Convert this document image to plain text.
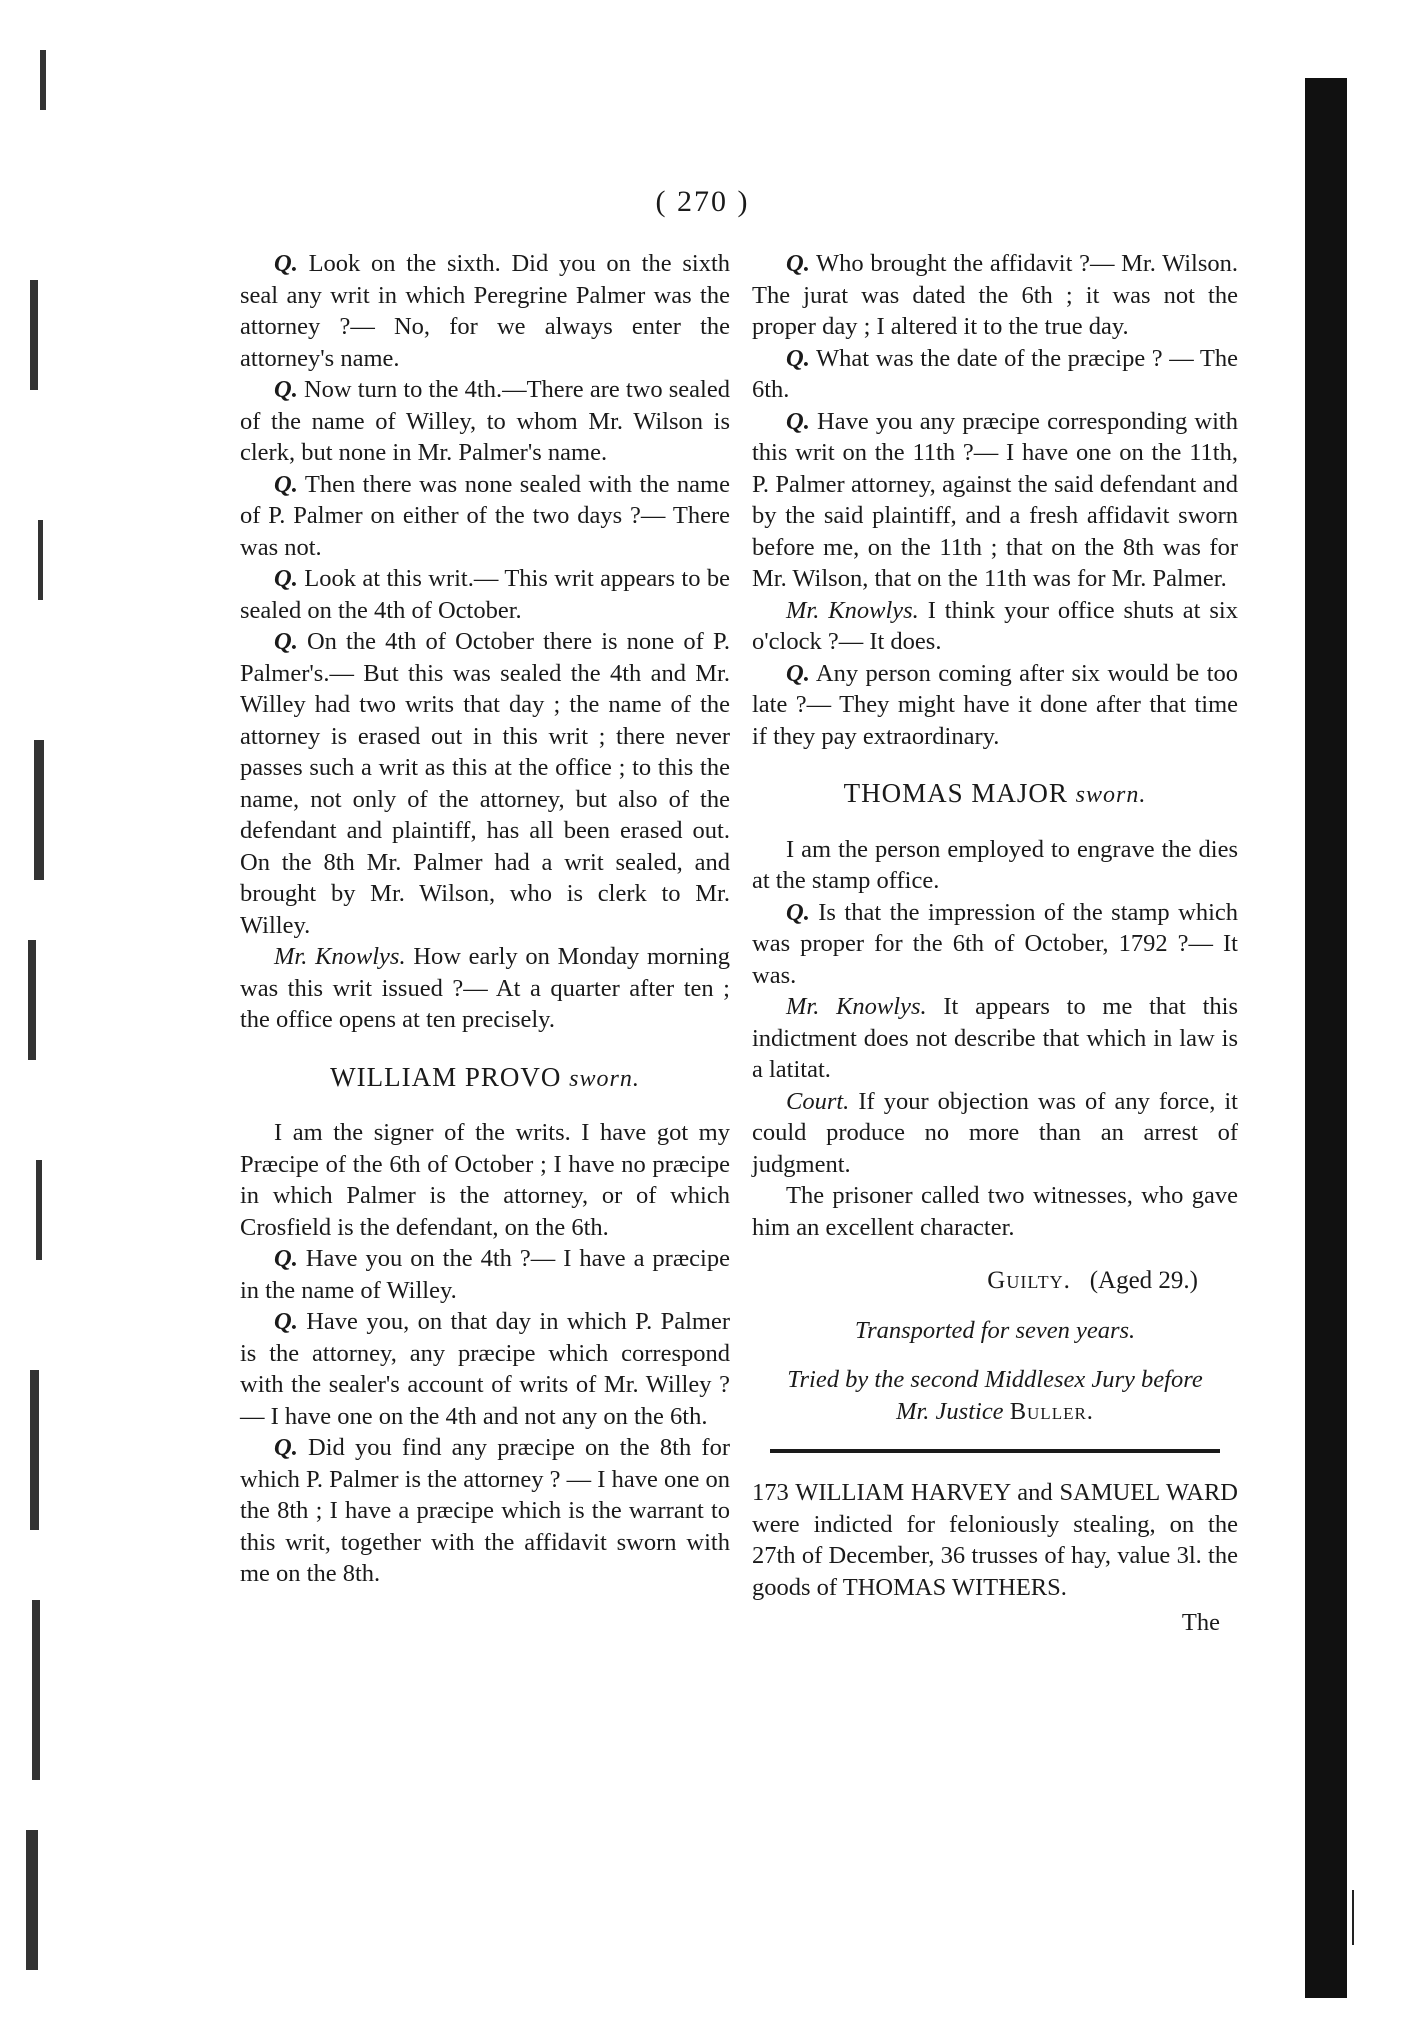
( 270 )

Q. Look on the sixth. Did you on the sixth seal any writ in which Peregrine Palmer was the attorney ?— No, for we always enter the attorney's name.

Q. Now turn to the 4th.—There are two sealed of the name of Willey, to whom Mr. Wilson is clerk, but none in Mr. Palmer's name.

Q. Then there was none sealed with the name of P. Palmer on either of the two days ?— There was not.

Q. Look at this writ.— This writ appears to be sealed on the 4th of October.

Q. On the 4th of October there is none of P. Palmer's.— But this was sealed the 4th and Mr. Willey had two writs that day ; the name of the attorney is erased out in this writ ; there never passes such a writ as this at the office ; to this the name, not only of the attorney, but also of the defendant and plaintiff, has all been erased out. On the 8th Mr. Palmer had a writ sealed, and brought by Mr. Wilson, who is clerk to Mr. Willey.

Mr. Knowlys. How early on Monday morning was this writ issued ?— At a quarter after ten ; the office opens at ten precisely.

WILLIAM PROVO sworn.

I am the signer of the writs. I have got my Præcipe of the 6th of October ; I have no præcipe in which Palmer is the attorney, or of which Crosfield is the defendant, on the 6th.

Q. Have you on the 4th ?— I have a præcipe in the name of Willey.

Q. Have you, on that day in which P. Palmer is the attorney, any præcipe which correspond with the sealer's account of writs of Mr. Willey ?— I have one on the 4th and not any on the 6th.

Q. Did you find any præcipe on the 8th for which P. Palmer is the attorney ? — I have one on the 8th ; I have a præcipe which is the warrant to this writ, together with the affidavit sworn with me on the 8th.

Q. Who brought the affidavit ?— Mr. Wilson. The jurat was dated the 6th ; it was not the proper day ; I altered it to the true day.

Q. What was the date of the præcipe ? — The 6th.

Q. Have you any præcipe corresponding with this writ on the 11th ?— I have one on the 11th, P. Palmer attorney, against the said defendant and by the said plaintiff, and a fresh affidavit sworn before me, on the 11th ; that on the 8th was for Mr. Wilson, that on the 11th was for Mr. Palmer.

Mr. Knowlys. I think your office shuts at six o'clock ?— It does.

Q. Any person coming after six would be too late ?— They might have it done after that time if they pay extraordinary.

THOMAS MAJOR sworn.

I am the person employed to engrave the dies at the stamp office.

Q. Is that the impression of the stamp which was proper for the 6th of October, 1792 ?— It was.

Mr. Knowlys. It appears to me that this indictment does not describe that which in law is a latitat.

Court. If your objection was of any force, it could produce no more than an arrest of judgment.

The prisoner called two witnesses, who gave him an excellent character.

Guilty. (Aged 29.)
Transported for seven years.
Tried by the second Middlesex Jury before
Mr. Justice Buller.

173 WILLIAM HARVEY and SAMUEL WARD were indicted for feloniously stealing, on the 27th of December, 36 trusses of hay, value 3l. the goods of THOMAS WITHERS.

The
